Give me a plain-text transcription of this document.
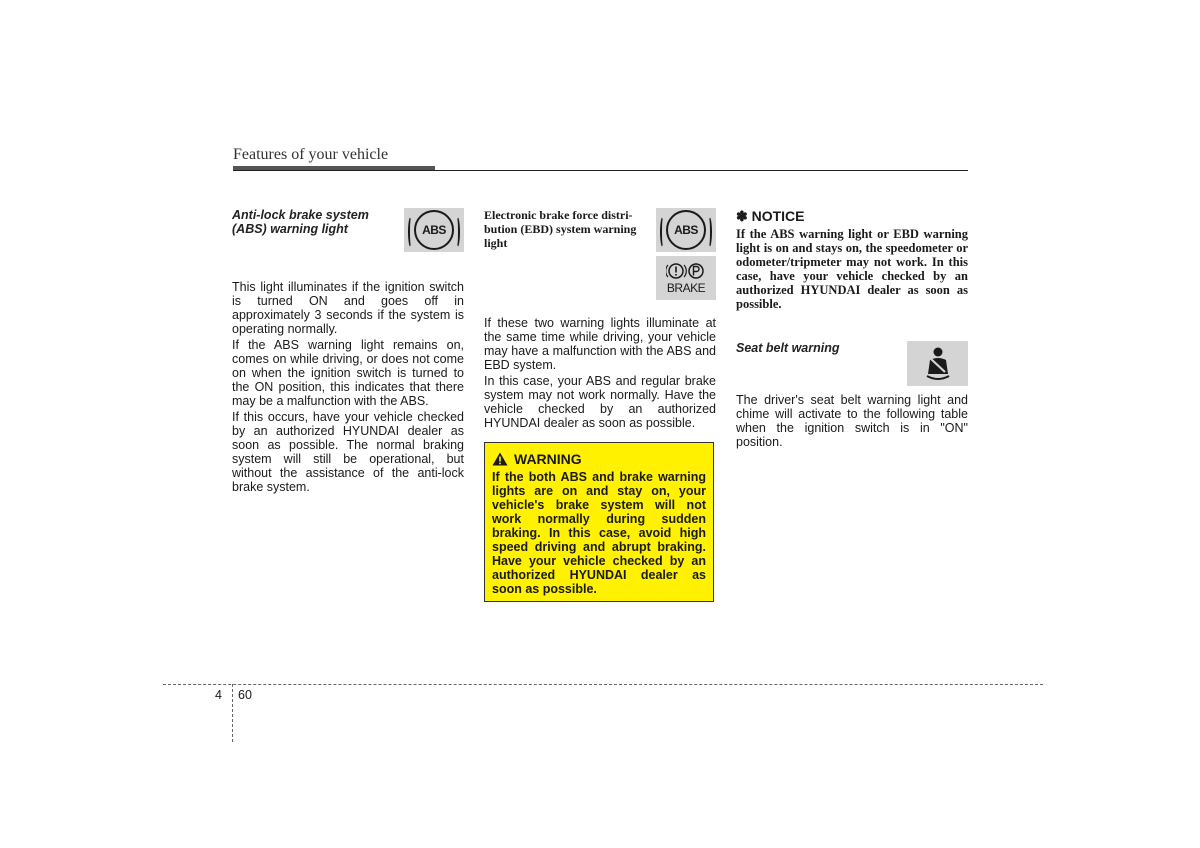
Features of your vehicle
Anti-lock brake system
(ABS) warning light	ABS

This light illuminates if the ignition switch is turned ON and goes off in approximately 3 seconds if the system is operating normally.

If the ABS warning light remains on, comes on while driving, or does not come on when the ignition switch is turned to the ON position, this indicates that there may be a malfunction with the ABS.

If this occurs, have your vehicle checked by an authorized HYUNDAI dealer as soon as possible. The normal braking system will still be operational, but without the assistance of the anti-lock brake system.

Electronic brake force distri-
bution (EBD) system warning
light
ABS
BRAKE

If these two warning lights illuminate at the same time while driving, your vehicle may have a malfunction with the ABS and EBD system.

In this case, your ABS and regular brake system may not work normally. Have the vehicle checked by an authorized HYUNDAI dealer as soon as possible.

WARNING
If the both ABS and brake warning lights are on and stay on, your vehicle's brake system will not work normally during sudden braking. In this case, avoid high speed driving and abrupt braking. Have your vehicle checked by an authorized HYUNDAI dealer as soon as possible.
✽ NOTICE
If the ABS warning light or EBD warning light is on and stays on, the speedometer or odometer/tripmeter may not work. In this case, have your vehicle checked by an authorized HYUNDAI dealer as soon as possible.
Seat belt warning

The driver's seat belt warning light and chime will activate to the following table when the ignition switch is in "ON" position.

4 60
